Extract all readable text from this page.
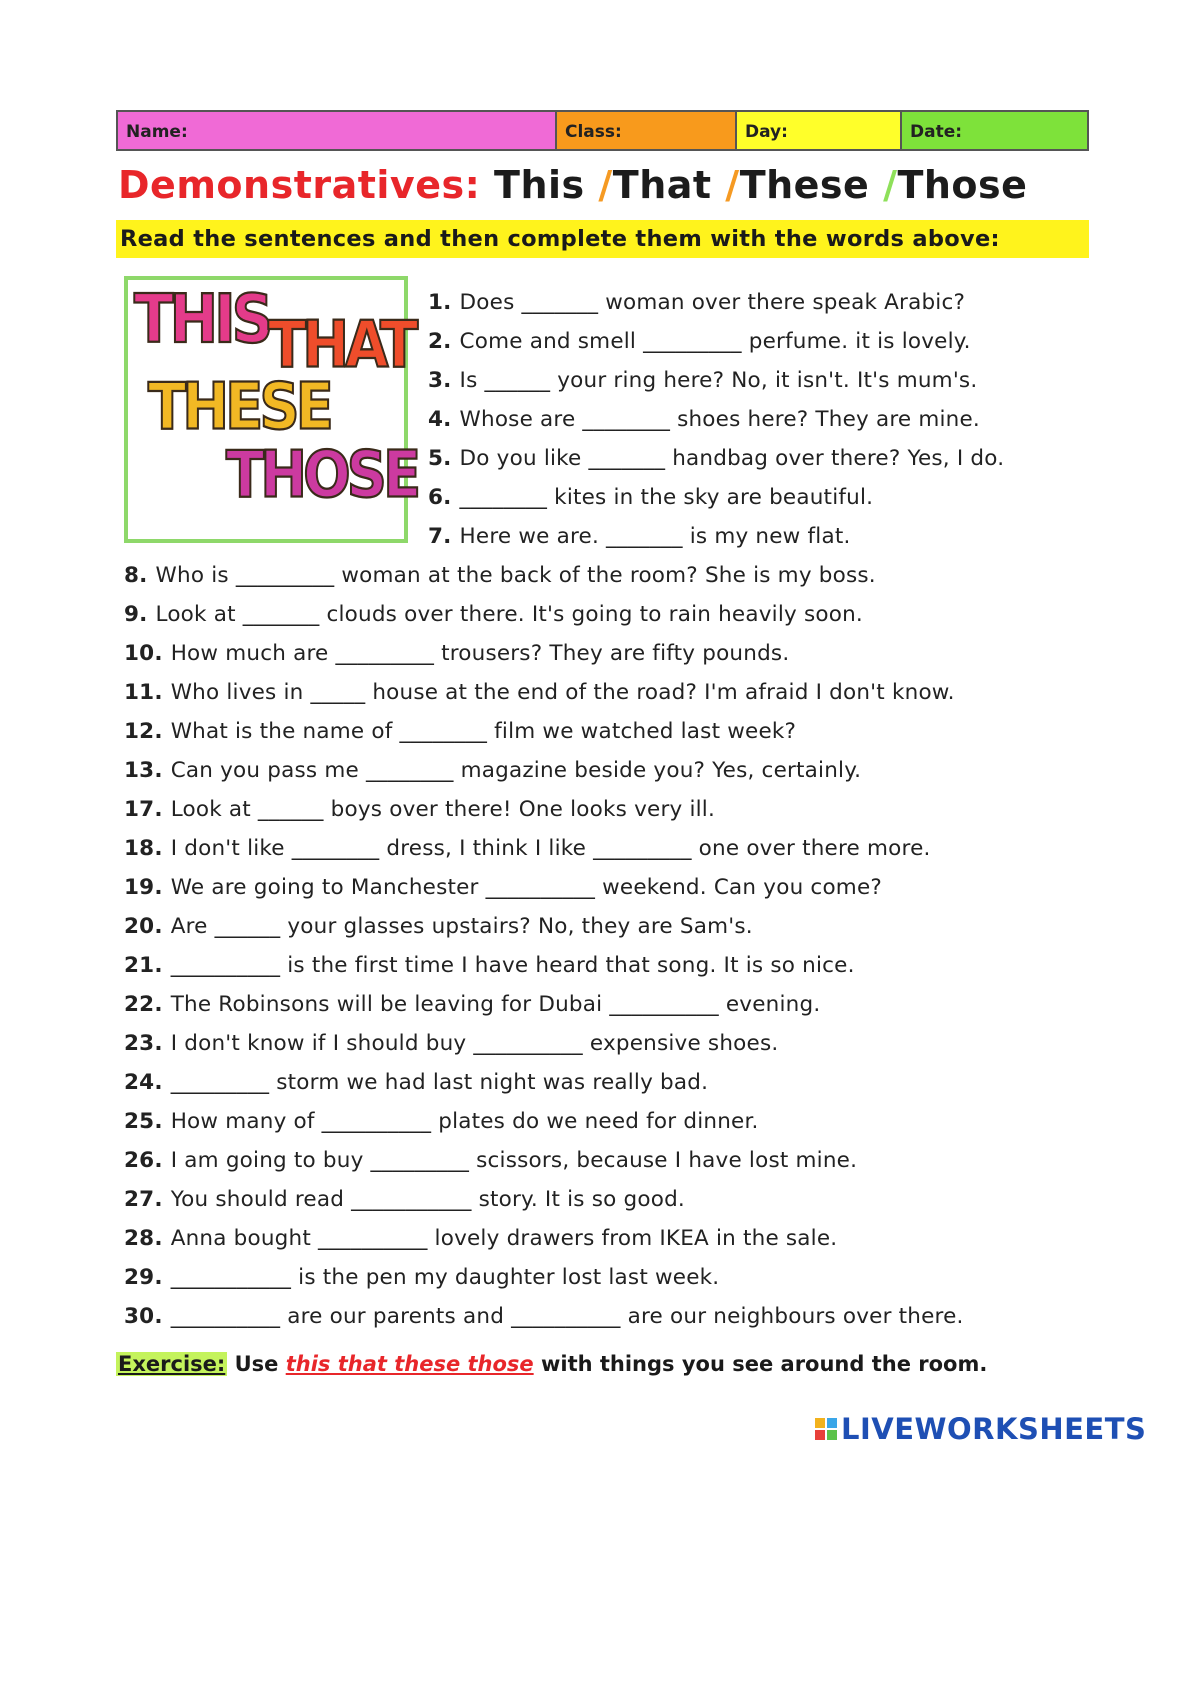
Name:	Class:	Day:	Date:
Demonstratives: This /That /These /Those
Read the sentences and then complete them with the words above:
THIS
THAT
THESE
THOSE
1. Does _______ woman over there speak Arabic?
2. Come and smell _________ perfume. it is lovely.
3. Is ______ your ring here? No, it isn't. It's mum's.
4. Whose are ________ shoes here? They are mine.
5. Do you like _______ handbag over there? Yes, I do.
6. ________ kites in the sky are beautiful.
7. Here we are. _______ is my new flat.
8. Who is _________ woman at the back of the room? She is my boss.
9. Look at _______ clouds over there. It's going to rain heavily soon.
10. How much are _________ trousers? They are fifty pounds.
11. Who lives in _____ house at the end of the road? I'm afraid I don't know.
12. What is the name of ________ film we watched last week?
13. Can you pass me ________ magazine beside you? Yes, certainly.
17. Look at ______ boys over there! One looks very ill.
18. I don't like ________ dress, I think I like _________ one over there more.
19. We are going to Manchester __________ weekend. Can you come?
20. Are ______ your glasses upstairs? No, they are Sam's.
21. __________ is the first time I have heard that song. It is so nice.
22. The Robinsons will be leaving for Dubai __________ evening.
23. I don't know if I should buy __________ expensive shoes.
24. _________ storm we had last night was really bad.
25. How many of __________ plates do we need for dinner.
26. I am going to buy _________ scissors, because I have lost mine.
27. You should read ___________ story. It is so good.
28. Anna bought __________ lovely drawers from IKEA in the sale.
29. ___________ is the pen my daughter lost last week.
30. __________ are our parents and __________ are our neighbours over there.
Exercise: Use this that these those with things you see around the room.
LIVEWORKSHEETS
